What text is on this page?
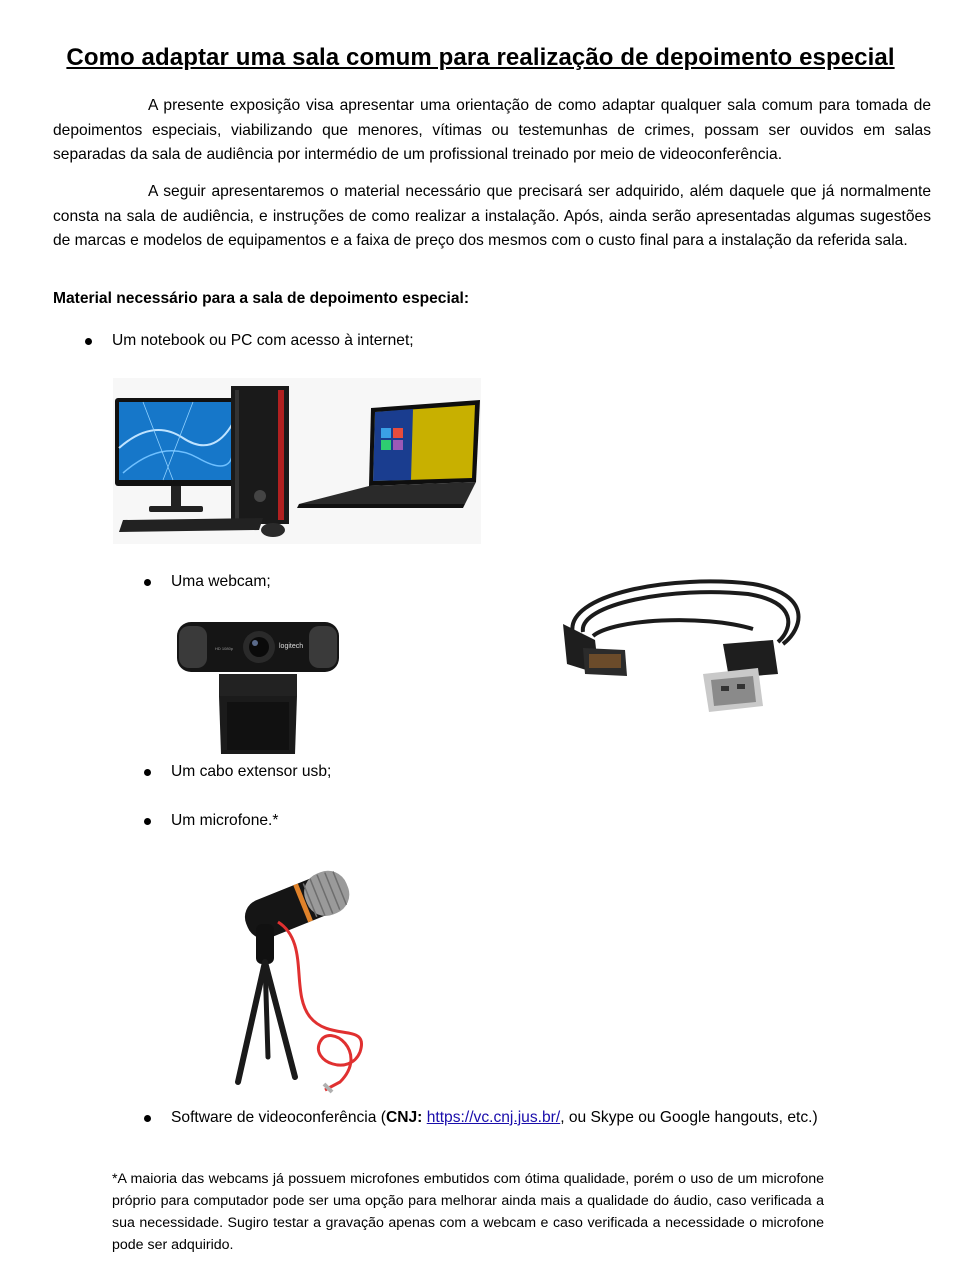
Como adaptar uma sala comum para realização de depoimento especial

A presente exposição visa apresentar uma orientação de como adaptar qualquer sala comum para tomada de depoimentos especiais, viabilizando que menores, vítimas ou testemunhas de crimes, possam ser ouvidos em salas separadas da sala de audiência por intermédio de um profissional treinado por meio de videoconferência.

A seguir apresentaremos o material necessário que precisará ser adquirido, além daquele que já normalmente consta na sala de audiência, e instruções de como realizar a instalação. Após, ainda serão apresentadas algumas sugestões de marcas e modelos de equipamentos e a faixa de preço dos mesmos com o custo final para a instalação da referida sala.

Material necessário para a sala de depoimento especial:

Um notebook ou PC com acesso à internet;
Uma webcam;
logitech
HD 1080p
Um cabo extensor usb;
Um microfone.*
Software de videoconferência (CNJ: https://vc.cnj.jus.br/, ou Skype ou Google hangouts, etc.)

*A maioria das webcams já possuem microfones embutidos com ótima qualidade, porém o uso de um microfone próprio para computador pode ser uma opção para melhorar ainda mais a qualidade do áudio, caso verificada a sua necessidade. Sugiro testar a gravação apenas com a webcam e caso verificada a necessidade o microfone pode ser adquirido.
